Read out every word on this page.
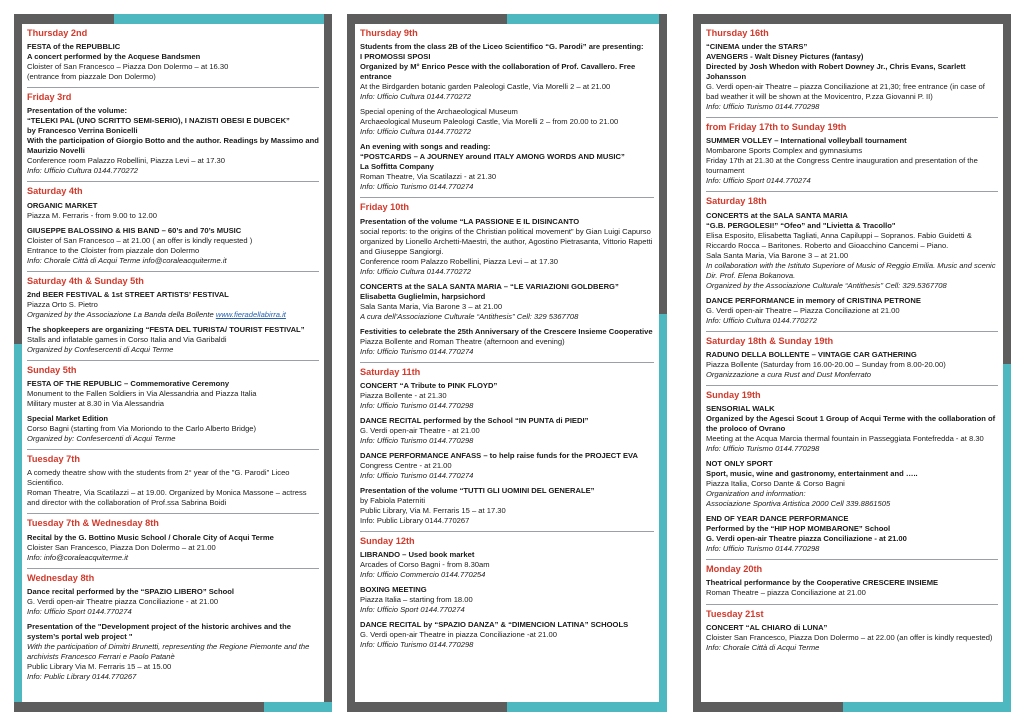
Thursday 2nd
FESTA of the REPUBBLIC
A concert performed by the Acquese Bandsmen
Cloister of San Francesco – Piazza Don Dolermo – at 16.30
(entrance from piazzale Don Dolermo)
Friday 3rd
Presentation of the volume:
“TELEKI PAL (UNO SCRITTO SEMI-SERIO), I NAZISTI OBESI E DUBCEK”
by Francesco Verrina Bonicelli
With the participation of Giorgio Botto and the author. Readings by Massimo and Maurizio Novelli
Conference room Palazzo Robellini, Piazza Levi – at 17.30
Info: Ufficio Cultura 0144.770272
Saturday 4th
ORGANIC MARKET
Piazza M. Ferraris - from 9.00 to 12.00
GIUSEPPE BALOSSINO & HIS BAND – 60’s and 70’s MUSIC
Cloister of San Francesco – at 21.00 ( an offer is kindly requested )
Entrance to the Cloister from piazzale don Dolermo
Info: Chorale Città di Acqui Terme info@coraleacquiterme.it
Saturday 4th & Sunday 5th
2nd BEER FESTIVAL & 1st STREET ARTISTS’ FESTIVAL
Piazza Orto S. Pietro
Organized by the Associazione La Banda della Bollente www.fieradellabirra.it
The shopkeepers are organizing “FESTA DEL TURISTA/ TOURIST FESTIVAL”
Stalls and inflatable games in Corso Italia and Via Garibaldi
Organized by Confesercenti di Acqui Terme
Sunday 5th
FESTA OF THE REPUBLIC – Commemorative Ceremony
Monument to the Fallen Soldiers in Via Alessandria and Piazza Italia
Military muster at 8.30 in Via Alessandria
Special Market Edition
Corso Bagni (starting from Via Moriondo to the Carlo Alberto Bridge)
Organized by: Confesercenti di Acqui Terme
Tuesday 7th
A comedy theatre show with the students from 2° year of the "G. Parodi" Liceo Scientifico.
Roman Theatre, Via Scatilazzi – at 19.00. Organized by Monica Massone – actress and director with the collaboration of Prof.ssa Sabrina Boidi
Tuesday 7th & Wednesday 8th
Recital by the G. Bottino Music School / Chorale City of Acqui Terme
Cloister San Francesco, Piazza Don Dolermo – at 21.00
Info: info@coraleacquiterme.it
Wednesday 8th
Dance recital performed by the “SPAZIO LIBERO” School
G. Verdi open-air Theatre piazza Conciliazione - at 21.00
Info: Ufficio Sport 0144.770274
Presentation of the "Development project of the historic archives and the system’s portal web project "
With the participation of Dimitri Brunetti, representing the Regione Piemonte and the archivists Francesco Ferrari e Paolo Patanè
Public Library Via M. Ferraris 15 – at 15.00
Info: Public Library 0144.770267
Thursday 9th
Students from the class 2B of the Liceo Scientifico “G. Parodi” are presenting:
I PROMOSSI SPOSI
Organized by M° Enrico Pesce with the collaboration of Prof. Cavallero. Free entrance
At the Birdgarden botanic garden Paleologi Castle, Via Morelli 2 – at 21.00
Info: Ufficio Cultura 0144.770272
Special opening of the Archaeological Museum
Archaeological Museum Paleologi Castle, Via Morelli 2 – from 20.00 to 21.00
Info: Ufficio Cultura 0144.770272
An evening with songs and reading:
“POSTCARDS – A JOURNEY around ITALY AMONG WORDS AND MUSIC”
La Soffitta Company
Roman Theatre, Via Scatilazzi - at 21.30
Info: Ufficio Turismo 0144.770274
Friday 10th
Presentation of the volume “LA PASSIONE E IL DISINCANTO
social reports: to the origins of the Christian political movement” by Gian Luigi Capurso organized by Lionello Archetti-Maestri, the author, Agostino Pietrasanta, Vittorio Rapetti and Giuseppe Sangiorgi.
Conference room Palazzo Robellini, Piazza Levi – at 17.30
Info: Ufficio Cultura 0144.770272
CONCERTS at the SALA SANTA MARIA – “LE VARIAZIONI GOLDBERG”
Elisabetta Guglielmin, harpsichord
Sala Santa Maria, Via Barone 3 – at 21.00
A cura dell’Associazione Culturale “Antithesis” Cell: 329 5367708
Festivities to celebrate the 25th Anniversary of the Crescere Insieme Cooperative
Piazza Bollente and Roman Theatre (afternoon and evening)
Info: Ufficio Turismo 0144.770274
Saturday 11th
CONCERT “A Tribute to PINK FLOYD”
Piazza Bollente - at 21.30
Info: Ufficio Turismo 0144.770298
DANCE RECITAL performed by the School “IN PUNTA di PIEDI”
G. Verdi open-air Theatre - at 21.00
Info: Ufficio Turismo 0144.770298
DANCE PERFORMANCE ANFASS – to help raise funds for the PROJECT EVA
Congress Centre - at 21.00
Info: Ufficio Turismo 0144.770274
Presentation of the volume “TUTTI GLI UOMINI DEL GENERALE”
by Fabiola Paterniti
Public Library, Via M. Ferraris 15 – at 17.30
Info: Public Library 0144.770267
Sunday 12th
LIBRANDO – Used book market
Arcades of Corso Bagni - from 8.30am
Info: Ufficio Commercio 0144.770254
BOXING MEETING
Piazza Italia – starting from 18.00
Info: Ufficio Sport 0144.770274
DANCE RECITAL by “SPAZIO DANZA” & “DIMENCION LATINA” SCHOOLS
G. Verdi open-air Theatre in piazza Conciliazione -at 21.00
Info: Ufficio Turismo 0144.770298
Thursday 16th
“CINEMA under the STARS”
AVENGERS - Walt Disney Pictures (fantasy)
Directed by Josh Whedon with Robert Downey Jr., Chris Evans, Scarlett Johansson
G. Verdi open-air Theatre – piazza Conciliazione at 21,30; free entrance (in case of bad weather it will be shown at the Movicentro, P.zza Giovanni P. II)
Info: Ufficio Turismo 0144.770298
from Friday 17th to Sunday 19th
SUMMER VOLLEY – International volleyball tournament
Mombarone Sports Complex and gymnasiums
Friday 17th at 21.30 at the Congress Centre inauguration and presentation of the tournament
Info: Ufficio Sport 0144.770274
Saturday 18th
CONCERTS at the SALA SANTA MARIA
“G.B. PERGOLESI!” “Ofeo” and "Livietta & Tracollo"
Elisa Esposito, Elisabetta Tagliati, Anna Capiluppi – Sopranos. Fabio Guidetti & Riccardo Rocca – Baritones. Roberto and Gioacchino Cancemi – Piano.
Sala Santa Maria, Via Barone 3 – at 21.00
In collaboration with the Istituto Superiore of Music of Reggio Emilia. Music and scenic Dir. Prof. Elena Bokanova.
Organized by the Associazione Culturale “Antithesis” Cell: 329.5367708
DANCE PERFORMANCE in memory of CRISTINA PETRONE
G. Verdi open-air Theatre – Piazza Conciliazione at 21.00
Info: Ufficio Cultura 0144.770272
Saturday 18th & Sunday 19th
RADUNO DELLA BOLLENTE – VINTAGE CAR GATHERING
Piazza Bollente (Saturday from 16.00-20.00 – Sunday from 8.00-20.00)
Organizzazione a cura Rust and Dust Monferrato
Sunday 19th
SENSORIAL WALK
Organized by the Agesci Scout 1 Group of Acqui Terme with the collaboration of the proloco of Ovrano
Meeting at the Acqua Marcia thermal fountain in Passeggiata Fontefredda - at 8.30
Info: Ufficio Turismo 0144.770298
NOT ONLY SPORT
Sport, music, wine and gastronomy, entertainment and …..
Piazza Italia, Corso Dante & Corso Bagni
Organization and information:
Associazione Sportiva Artistica 2000 Cell 339.8861505
END OF YEAR DANCE PERFORMANCE
Performed by the “HIP HOP MOMBARONE” School
G. Verdi open-air Theatre piazza Conciliazione - at 21.00
Info: Ufficio Turismo 0144.770298
Monday 20th
Theatrical performance by the Cooperative CRESCERE INSIEME
Roman Theatre – piazza Conciliazione at 21.00
Tuesday 21st
CONCERT “AL CHIARO di LUNA”
Cloister San Francesco, Piazza Don Dolermo – at 22.00 (an offer is kindly requested)
Info: Chorale Città di Acqui Terme
